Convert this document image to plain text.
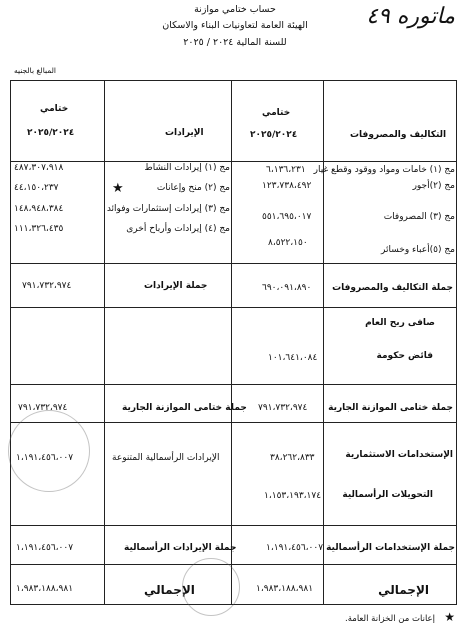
ماتوره ٤٩
حساب ختامي موازنة
الهيئة العامة لتعاونيات البناء والاسكان
للسنة المالية ٢٠٢٤ / ٢٠٢٥
المبالغ بالجنيه
ختامي
٢٠٢٥/٢٠٢٤	الإيرادات
ختامي
٢٠٢٥/٢٠٢٤	التكاليف والمصروفات
مج (١) خامات ومواد ووقود وقطع غيار
٦،١٣٦،٢٣١
مج (٢)أجور
١٢٣،٧٣٨،٤٩٢
مج (٣) المصروفات
٥٥١،٦٩٥،٠١٧
مج (٥)أعباء وخسائر
٨،٥٢٢،١٥٠
مج (١) إيرادات النشاط
٤٨٧،٣٠٧،٩١٨
مج (٢) منح وإعانات
★
٤٤،١٥٠،٢٣٧
مج (٣) إيرادات إستثمارات وفوائد
١٤٨،٩٤٨،٣٨٤
مج (٤) إيرادات وأرباح أخرى
١١١،٣٢٦،٤٣٥
جملة التكاليف والمصروفات
٦٩٠،٠٩١،٨٩٠
جملة الإيرادات
٧٩١،٧٣٢،٩٧٤
صافى ربح العام
فائض حكومة
١٠١،٦٤١،٠٨٤
جملة ختامى الموازنة الجارية
٧٩١،٧٣٢،٩٧٤
جملة ختامى الموازنة الجارية
٧٩١،٧٣٢،٩٧٤
الإستخدامات الاستثمارية
٣٨،٢٦٢،٨٣٣
التحويلات الرأسمالية
١،١٥٣،١٩٣،١٧٤
الإيرادات الرأسمالية المتنوعة
١،١٩١،٤٥٦،٠٠٧
جملة الإستخدامات الرأسمالية
١،١٩١،٤٥٦،٠٠٧
جملة الإيرادات الرأسمالية
١،١٩١،٤٥٦،٠٠٧
الإجمالي
١،٩٨٣،١٨٨،٩٨١
الإجمالي
١،٩٨٣،١٨٨،٩٨١
إعانات من الخزانة العامة. ★
